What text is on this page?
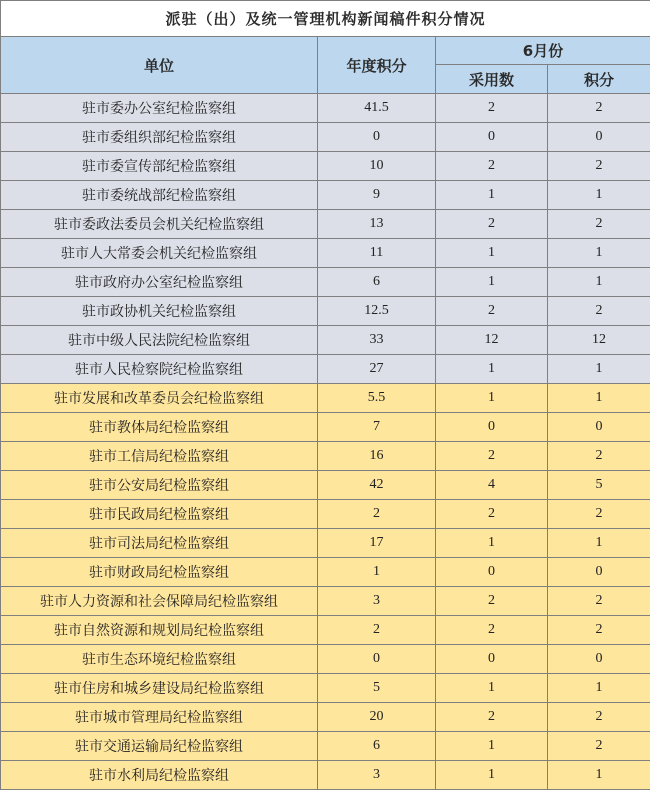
派驻（出）及统一管理机构新闻稿件积分情况			
单位	年度积分	6月份	
		采用数	积分
驻市委办公室纪检监察组	41.5	2	2
驻市委组织部纪检监察组	0	0	0
驻市委宣传部纪检监察组	10	2	2
驻市委统战部纪检监察组	9	1	1
驻市委政法委员会机关纪检监察组	13	2	2
驻市人大常委会机关纪检监察组	11	1	1
驻市政府办公室纪检监察组	6	1	1
驻市政协机关纪检监察组	12.5	2	2
驻市中级人民法院纪检监察组	33	12	12
驻市人民检察院纪检监察组	27	1	1
驻市发展和改革委员会纪检监察组	5.5	1	1
驻市教体局纪检监察组	7	0	0
驻市工信局纪检监察组	16	2	2
驻市公安局纪检监察组	42	4	5
驻市民政局纪检监察组	2	2	2
驻市司法局纪检监察组	17	1	1
驻市财政局纪检监察组	1	0	0
驻市人力资源和社会保障局纪检监察组	3	2	2
驻市自然资源和规划局纪检监察组	2	2	2
驻市生态环境纪检监察组	0	0	0
驻市住房和城乡建设局纪检监察组	5	1	1
驻市城市管理局纪检监察组	20	2	2
驻市交通运输局纪检监察组	6	1	2
驻市水利局纪检监察组	3	1	1
